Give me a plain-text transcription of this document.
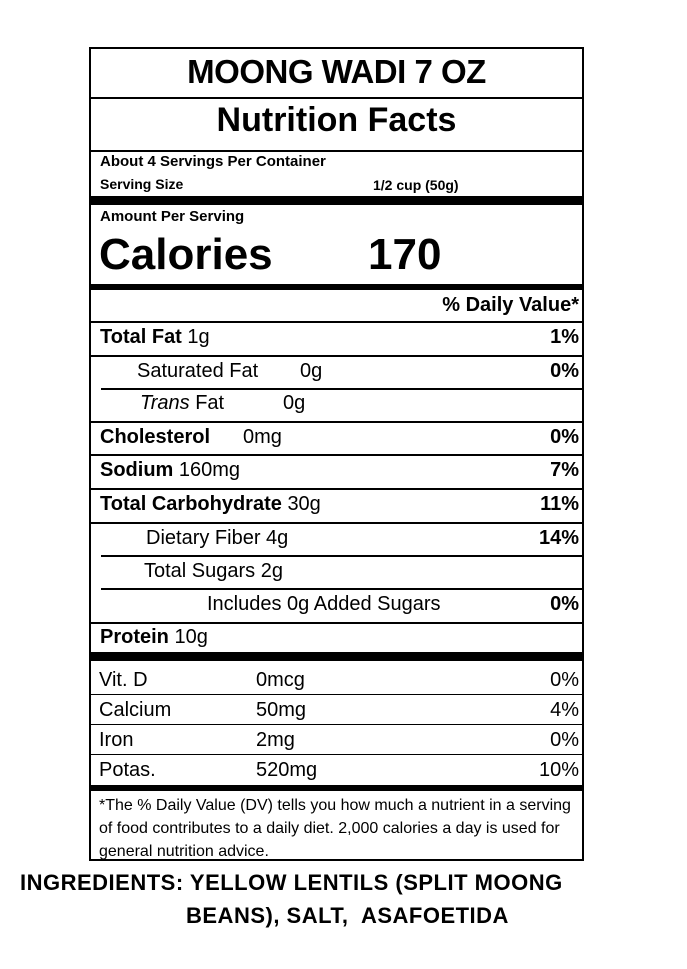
MOONG WADI 7 OZ
Nutrition Facts
About 4 Servings Per Container
Serving Size	1/2 cup (50g)
Amount Per Serving
Calories 170
% Daily Value*
Total Fat 1g	1%
Saturated Fat 0g	0%
Trans Fat	0g
Cholesterol 0mg	0%
Sodium 160mg	7%
Total Carbohydrate 30g	11%
Dietary Fiber 4g	14%
Total Sugars 2g
Includes 0g Added Sugars	0%
Protein 10g
Vit. D	0mcg	0%
Calcium	50mg	4%
Iron	2mg	0%
Potas.	520mg	10%
*The % Daily Value (DV) tells you how much a nutrient in a serving of food contributes to a daily diet. 2,000 calories a day is used for general nutrition advice.
INGREDIENTS: YELLOW LENTILS (SPLIT MOONG
BEANS), SALT,  ASAFOETIDA
